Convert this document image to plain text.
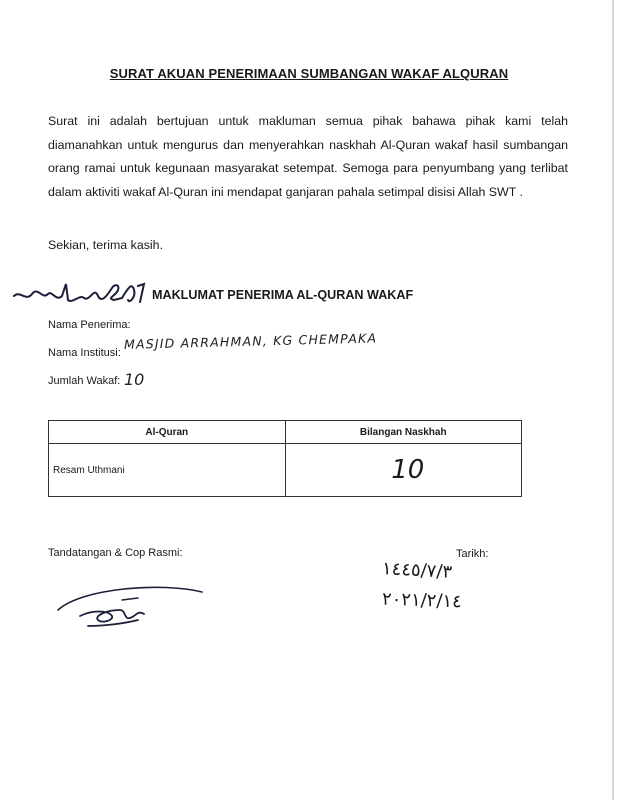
SURAT AKUAN PENERIMAAN SUMBANGAN WAKAF ALQURAN

Surat ini adalah bertujuan untuk makluman semua pihak bahawa pihak kami telah diamanahkan untuk mengurus dan menyerahkan naskhah Al-Quran wakaf hasil sumbangan orang ramai untuk kegunaan masyarakat setempat. Semoga para penyumbang yang terlibat dalam aktiviti wakaf Al-Quran ini mendapat ganjaran pahala setimpal disisi Allah SWT .

Sekian, terima kasih.

MAKLUMAT PENERIMA AL-QURAN WAKAF
Nama Penerima:
Nama Institusi:
MASJID ARRAHMAN, KG CHEMPAKA
Jumlah Wakaf: 10
Al-Quran	Bilangan Naskhah
Resam Uthmani	10
Tandatangan & Cop Rasmi:	Tarikh:
١٤٤٥/٧/٣
٢٠٢١/٢/١٤
